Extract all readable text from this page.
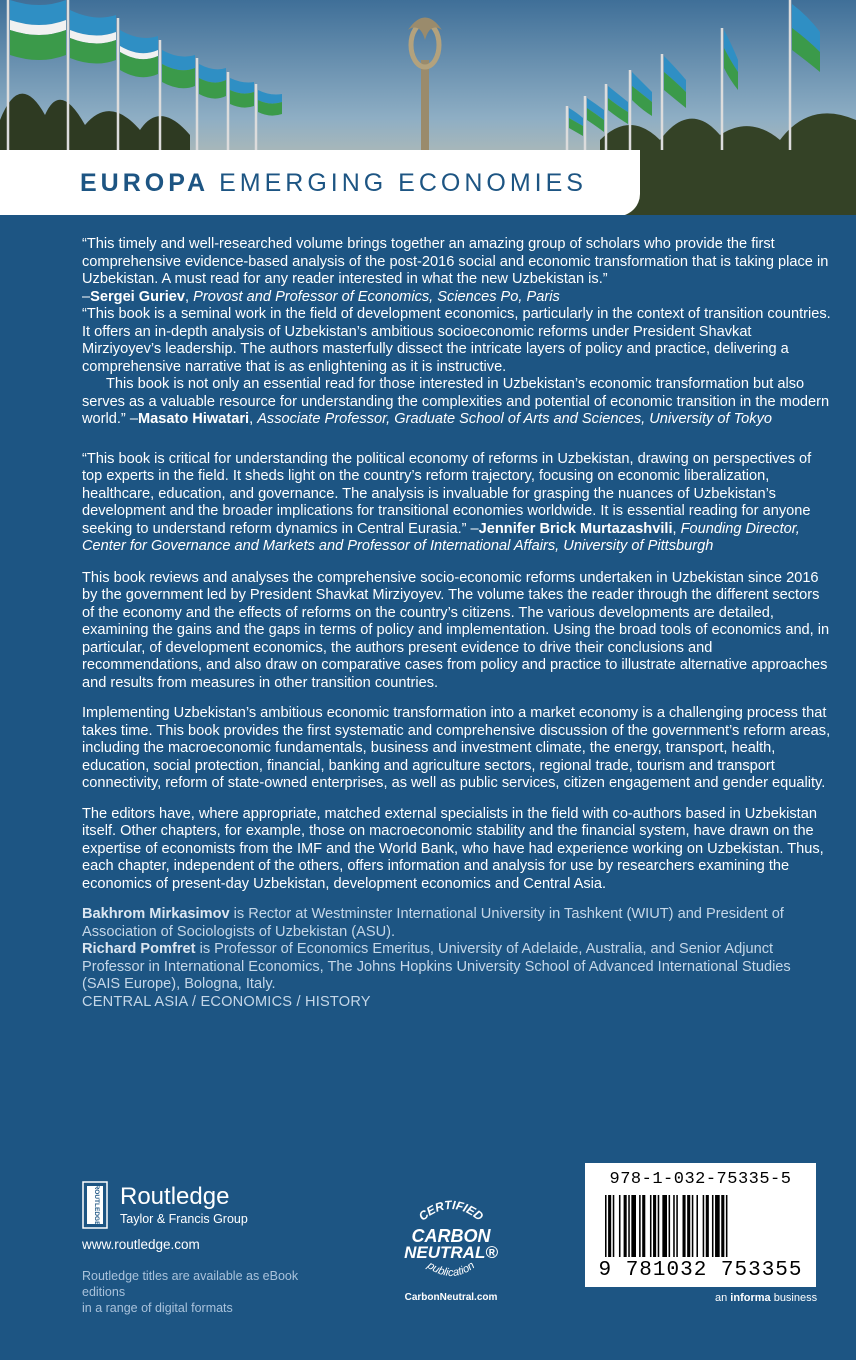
EUROPA EMERGING ECONOMIES

“This timely and well-researched volume brings together an amazing group of scholars who provide the first comprehensive evidence-based analysis of the post-2016 social and economic transformation that is taking place in Uzbekistan. A must read for any reader interested in what the new Uzbekistan is.”
–Sergei Guriev, Provost and Professor of Economics, Sciences Po, Paris

“This book is a seminal work in the field of development economics, particularly in the context of transition countries. It offers an in-depth analysis of Uzbekistan’s ambitious socioeconomic reforms under President Shavkat Mirziyoyev’s leadership. The authors masterfully dissect the intricate layers of policy and practice, delivering a comprehensive narrative that is as enlightening as it is instructive.

This book is not only an essential read for those interested in Uzbekistan’s economic transformation but also serves as a valuable resource for understanding the complexities and potential of economic transition in the modern world.” –Masato Hiwatari, Associate Professor, Graduate School of Arts and Sciences, University of Tokyo

“This book is critical for understanding the political economy of reforms in Uzbekistan, drawing on perspectives of top experts in the field. It sheds light on the country’s reform trajectory, focusing on economic liberalization, healthcare, education, and governance. The analysis is invaluable for grasping the nuances of Uzbekistan’s development and the broader implications for transitional economies worldwide. It is essential reading for anyone seeking to understand reform dynamics in Central Eurasia.” –Jennifer Brick Murtazashvili, Founding Director, Center for Governance and Markets and Professor of International Affairs, University of Pittsburgh

This book reviews and analyses the comprehensive socio-economic reforms undertaken in Uzbekistan since 2016 by the government led by President Shavkat Mirziyoyev. The volume takes the reader through the different sectors of the economy and the effects of reforms on the country’s citizens. The various developments are detailed, examining the gains and the gaps in terms of policy and implementation. Using the broad tools of economics and, in particular, of development economics, the authors present evidence to drive their conclusions and recommendations, and also draw on comparative cases from policy and practice to illustrate alternative approaches and results from measures in other transition countries.

Implementing Uzbekistan’s ambitious economic transformation into a market economy is a challenging process that takes time. This book provides the first systematic and comprehensive discussion of the government’s reform areas, including the macroeconomic fundamentals, business and investment climate, the energy, transport, health, education, social protection, financial, banking and agriculture sectors, regional trade, tourism and transport connectivity, reform of state-owned enterprises, as well as public services, citizen engagement and gender equality.

The editors have, where appropriate, matched external specialists in the field with co-authors based in Uzbekistan itself. Other chapters, for example, those on macroeconomic stability and the financial system, have drawn on the expertise of economists from the IMF and the World Bank, who have had experience working on Uzbekistan. Thus, each chapter, independent of the others, offers information and analysis for use by researchers examining the economics of present-day Uzbekistan, development economics and Central Asia.

Bakhrom Mirkasimov is Rector at Westminster International University in Tashkent (WIUT) and President of Association of Sociologists of Uzbekistan (ASU).

Richard Pomfret is Professor of Economics Emeritus, University of Adelaide, Australia, and Senior Adjunct Professor in International Economics, The Johns Hopkins University School of Advanced International Studies (SAIS Europe), Bologna, Italy.

CENTRAL ASIA / ECONOMICS / HISTORY

ROUTLEDGE Routledge
Taylor & Francis Group
www.routledge.com
Routledge titles are available as eBook editions
in a range of digital formats
CERTIFIED
CARBON
NEUTRAL®
publication
CarbonNeutral.com
978-1-032-75335-5
9 781032 753355
an informa business
